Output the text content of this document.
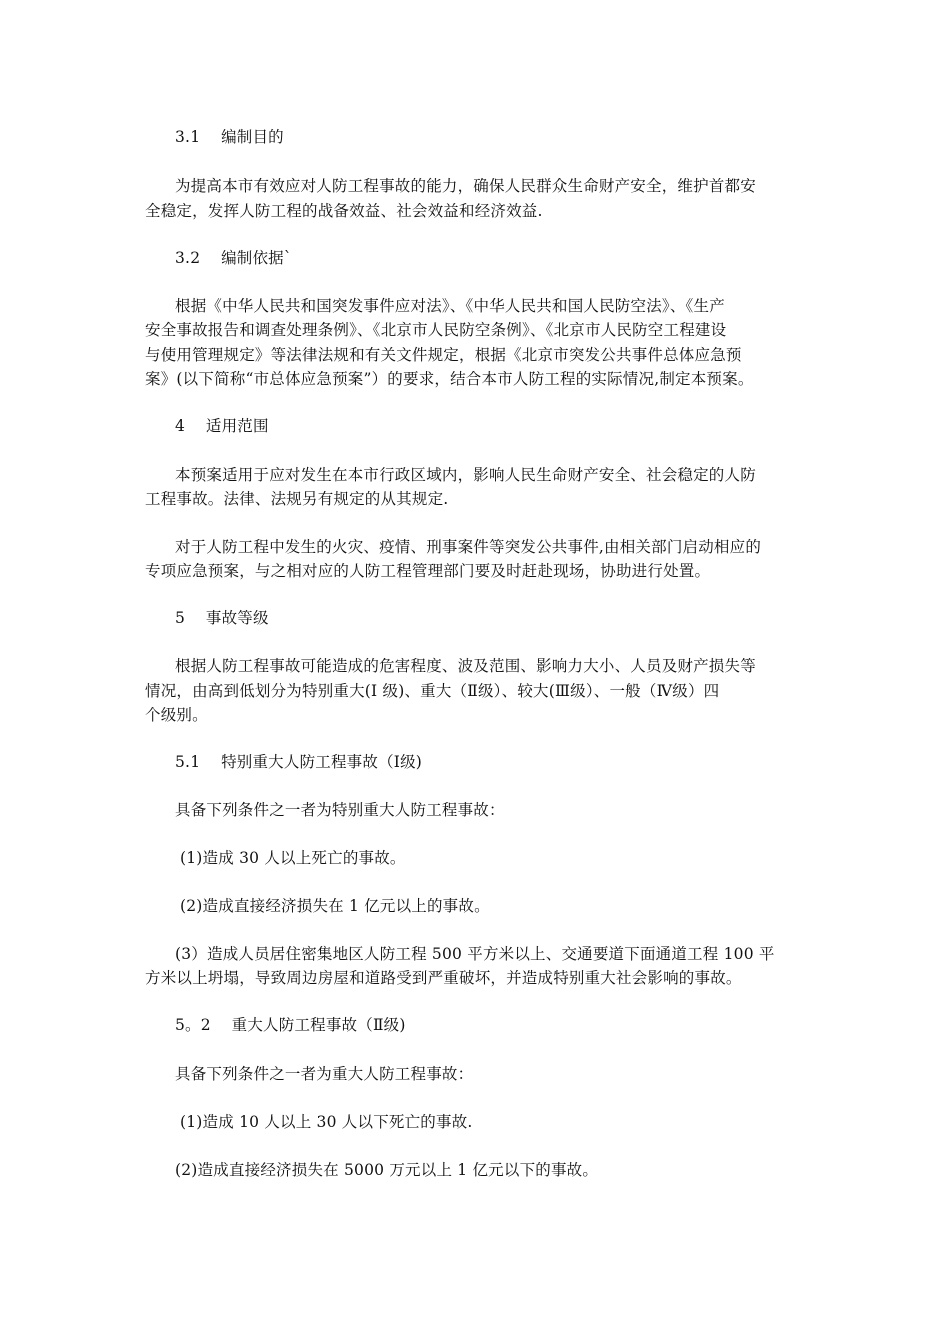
3.1　 编制目的
为提高本市有效应对人防工程事故的能力，确保人民群众生命财产安全，维护首都安
全稳定，发挥人防工程的战备效益、社会效益和经济效益.
3.2　 编制依据`
根据《中华人民共和国突发事件应对法》、《中华人民共和国人民防空法》、《生产
安全事故报告和调查处理条例》、《北京市人民防空条例》、《北京市人民防空工程建设
与使用管理规定》等法律法规和有关文件规定，根据《北京市突发公共事件总体应急预
案》(以下简称“市总体应急预案”）的要求，结合本市人防工程的实际情况,制定本预案。
4 　适用范围
本预案适用于应对发生在本市行政区域内，影响人民生命财产安全、社会稳定的人防
工程事故。法律、法规另有规定的从其规定.
对于人防工程中发生的火灾、疫情、刑事案件等突发公共事件,由相关部门启动相应的
专项应急预案，与之相对应的人防工程管理部门要及时赶赴现场，协助进行处置。
5 　事故等级
根据人防工程事故可能造成的危害程度、波及范围、影响力大小、人员及财产损失等
情况，由高到低划分为特别重大(Ⅰ 级)、重大（Ⅱ级）、较大(Ⅲ级）、一般（Ⅳ级）四
个级别。
5.1　 特别重大人防工程事故（Ⅰ级)
具备下列条件之一者为特别重大人防工程事故：
(1)造成 30 人以上死亡的事故。
(2)造成直接经济损失在 1 亿元以上的事故。
(3）造成人员居住密集地区人防工程 500 平方米以上、交通要道下面通道工程 100 平
方米以上坍塌，导致周边房屋和道路受到严重破坏，并造成特别重大社会影响的事故。
5。2　 重大人防工程事故（Ⅱ级)
具备下列条件之一者为重大人防工程事故：
(1)造成 10 人以上 30 人以下死亡的事故.
(2)造成直接经济损失在 5000 万元以上 1 亿元以下的事故。
